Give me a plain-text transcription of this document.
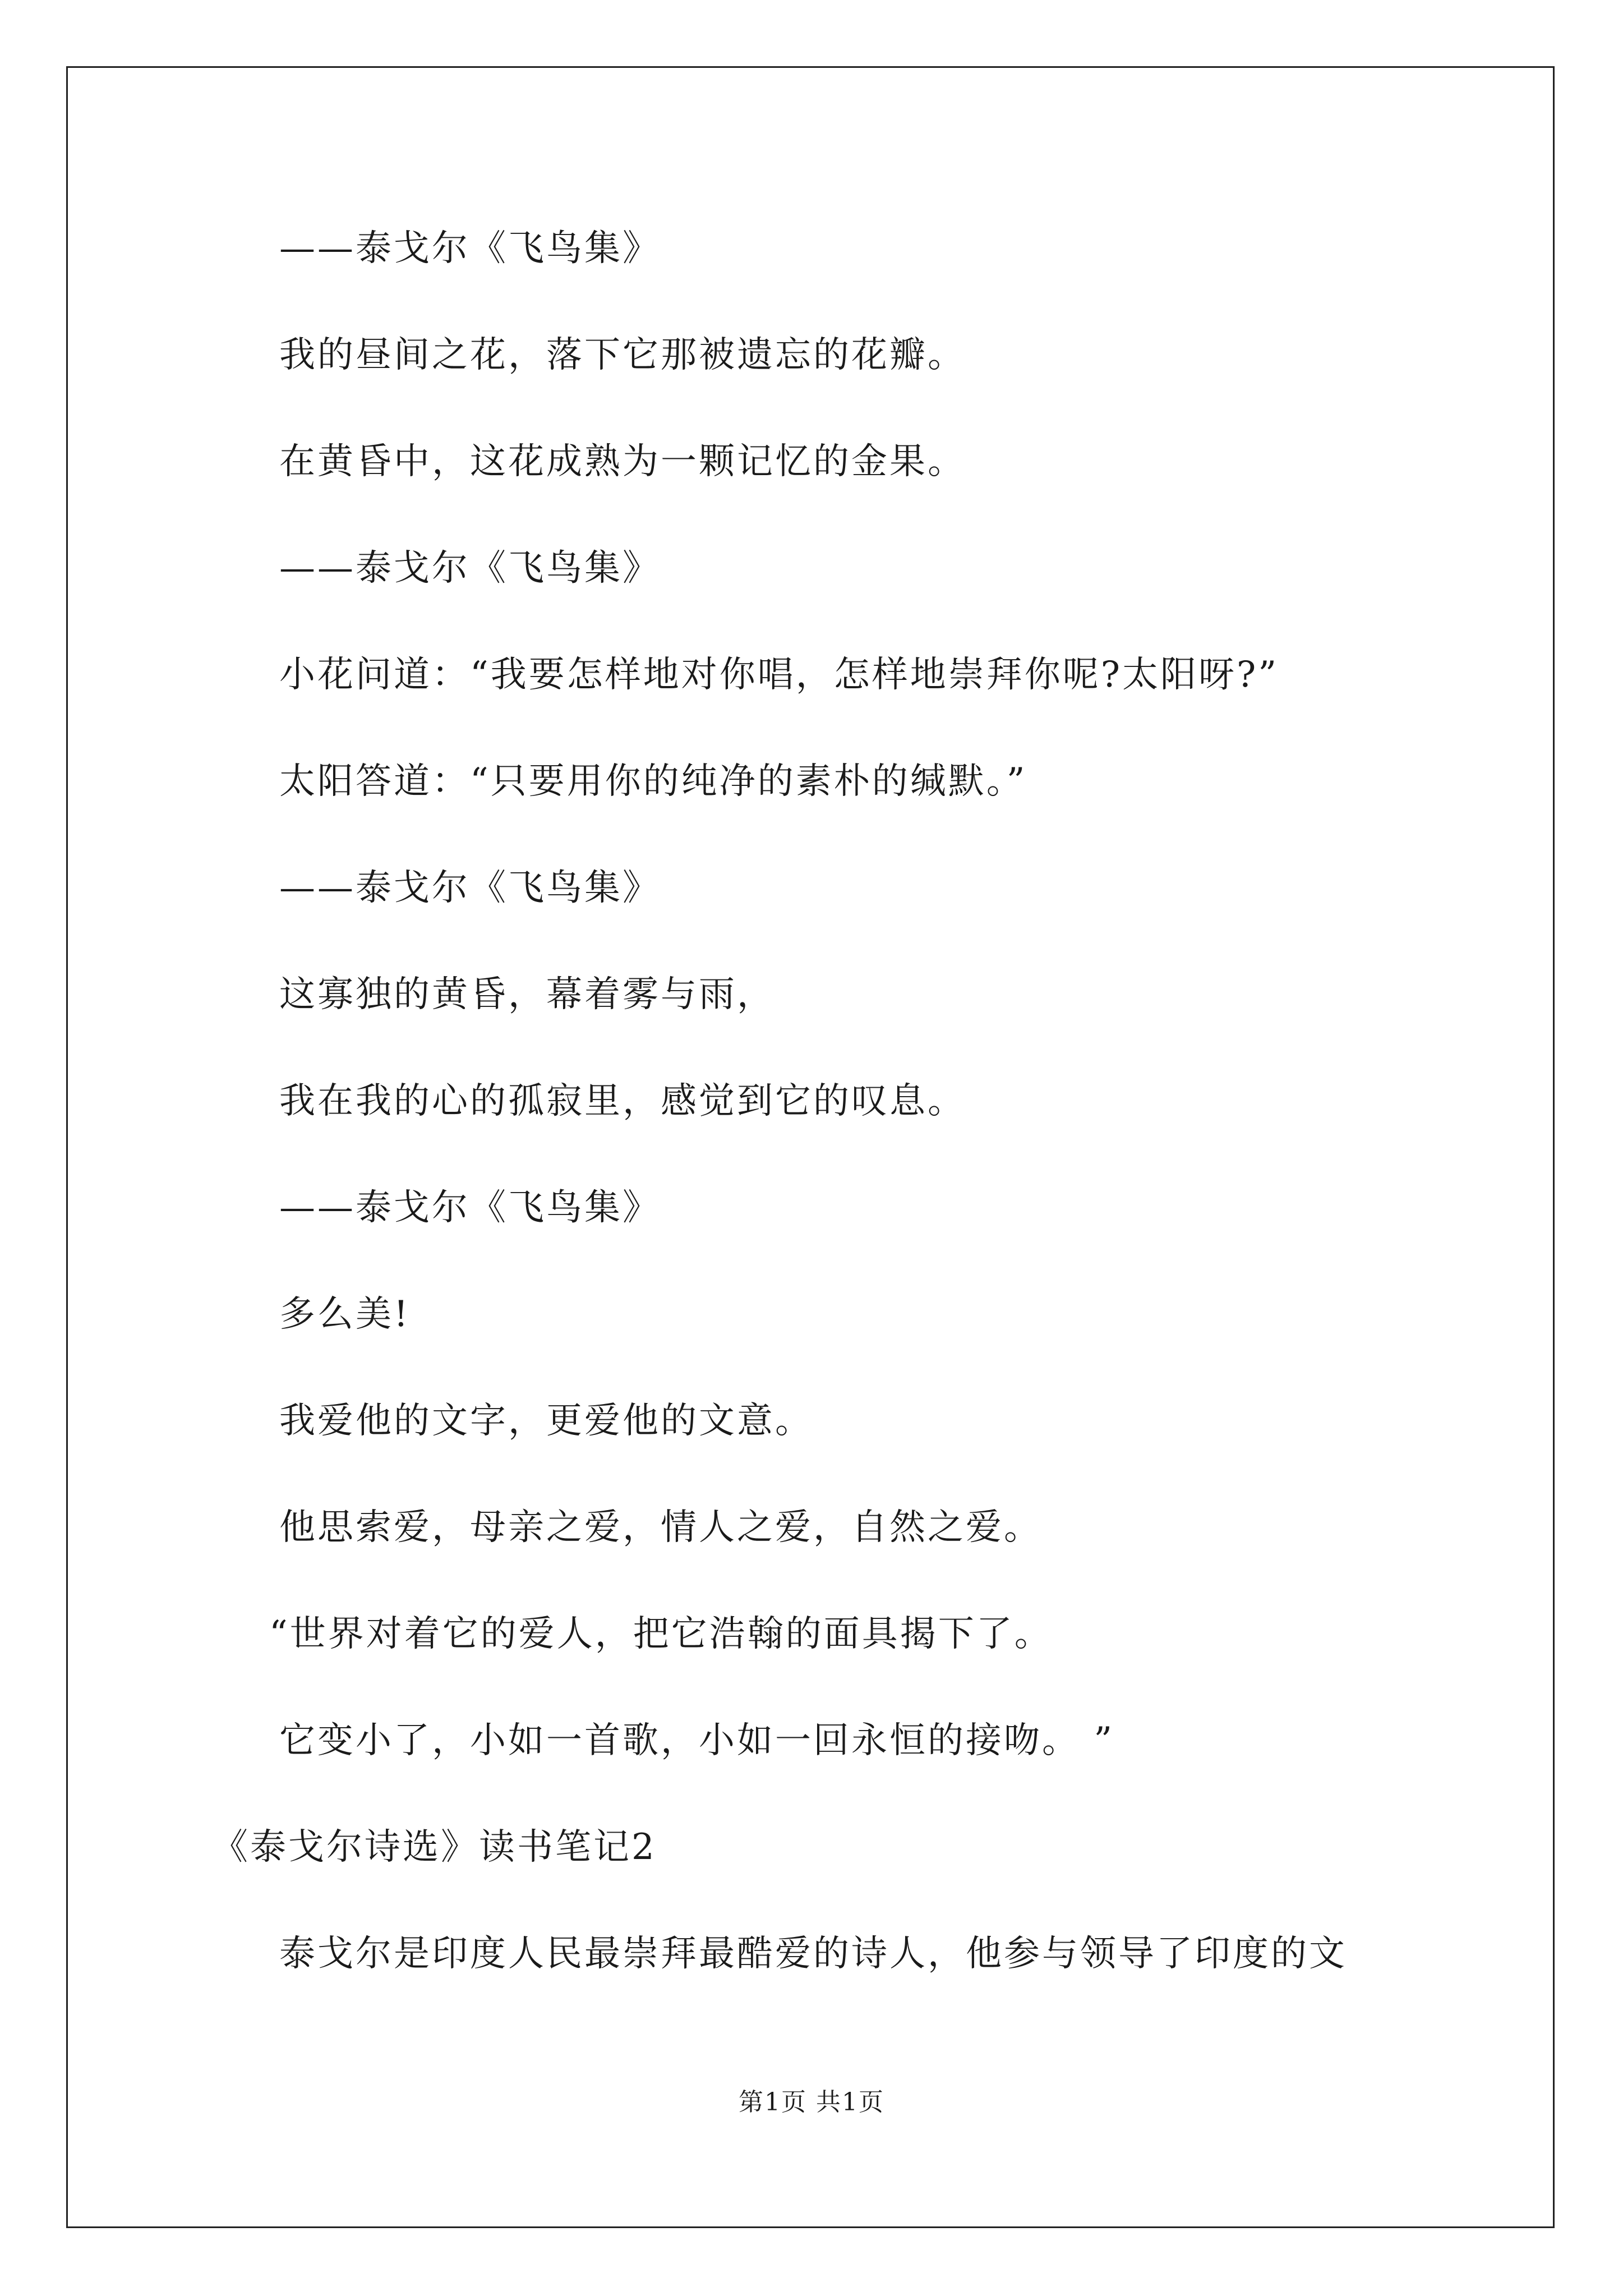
——泰戈尔《飞鸟集》
我的昼间之花，落下它那被遗忘的花瓣。
在黄昏中，这花成熟为一颗记忆的金果。
——泰戈尔《飞鸟集》
小花问道：“我要怎样地对你唱，怎样地崇拜你呢?太阳呀?”
太阳答道：“只要用你的纯净的素朴的缄默。”
——泰戈尔《飞鸟集》
这寡独的黄昏，幕着雾与雨，
我在我的心的孤寂里，感觉到它的叹息。
——泰戈尔《飞鸟集》
多么美!
我爱他的文字，更爱他的文意。
他思索爱，母亲之爱，情人之爱，自然之爱。
“世界对着它的爱人，把它浩翰的面具揭下了。
它变小了，小如一首歌，小如一回永恒的接吻。 ”
《泰戈尔诗选》读书笔记2
泰戈尔是印度人民最崇拜最酷爱的诗人，他参与领导了印度的文
第1页 共1页
